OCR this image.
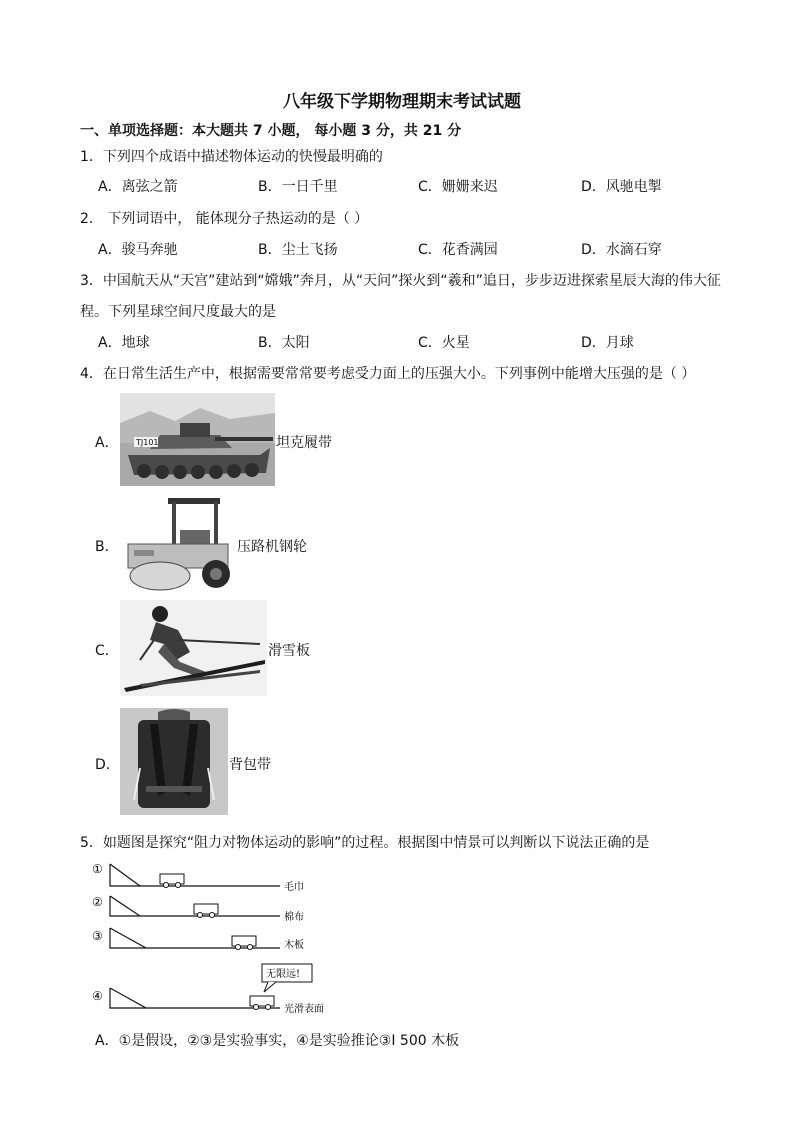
八年级下学期物理期末考试试题
一、单项选择题：本大题共 7 小题， 每小题 3 分，共 21 分
1．下列四个成语中描述物体运动的快慢最明确的
A．离弦之箭	B．一日千里	C．姗姗来迟	D．风驰电掣
2． 下列词语中， 能体现分子热运动的是（ ）
A．骏马奔驰	B．尘土飞扬	C．花香满园	D．水滴石穿
3．中国航天从“天宫”建站到“嫦娥”奔月，从“天问”探火到“羲和”追日，步步迈进探索星辰大海的伟大征
程。下列星球空间尺度最大的是
A．地球	B．太阳	C．火星	D．月球
4．在日常生活生产中，根据需要常常要考虑受力面上的压强大小。下列事例中能增大压强的是（ ）
A． TJ101	坦克履带
B．	压路机钢轮
C．	滑雪板
D．	背包带
5．如题图是探究“阻力对物体运动的影响”的过程。根据图中情景可以判断以下说法正确的是
①
毛巾
②
棉布
③
木板
④
无限远!
光滑表面
A．①是假设，②③是实验事实，④是实验推论③I 500 木板
